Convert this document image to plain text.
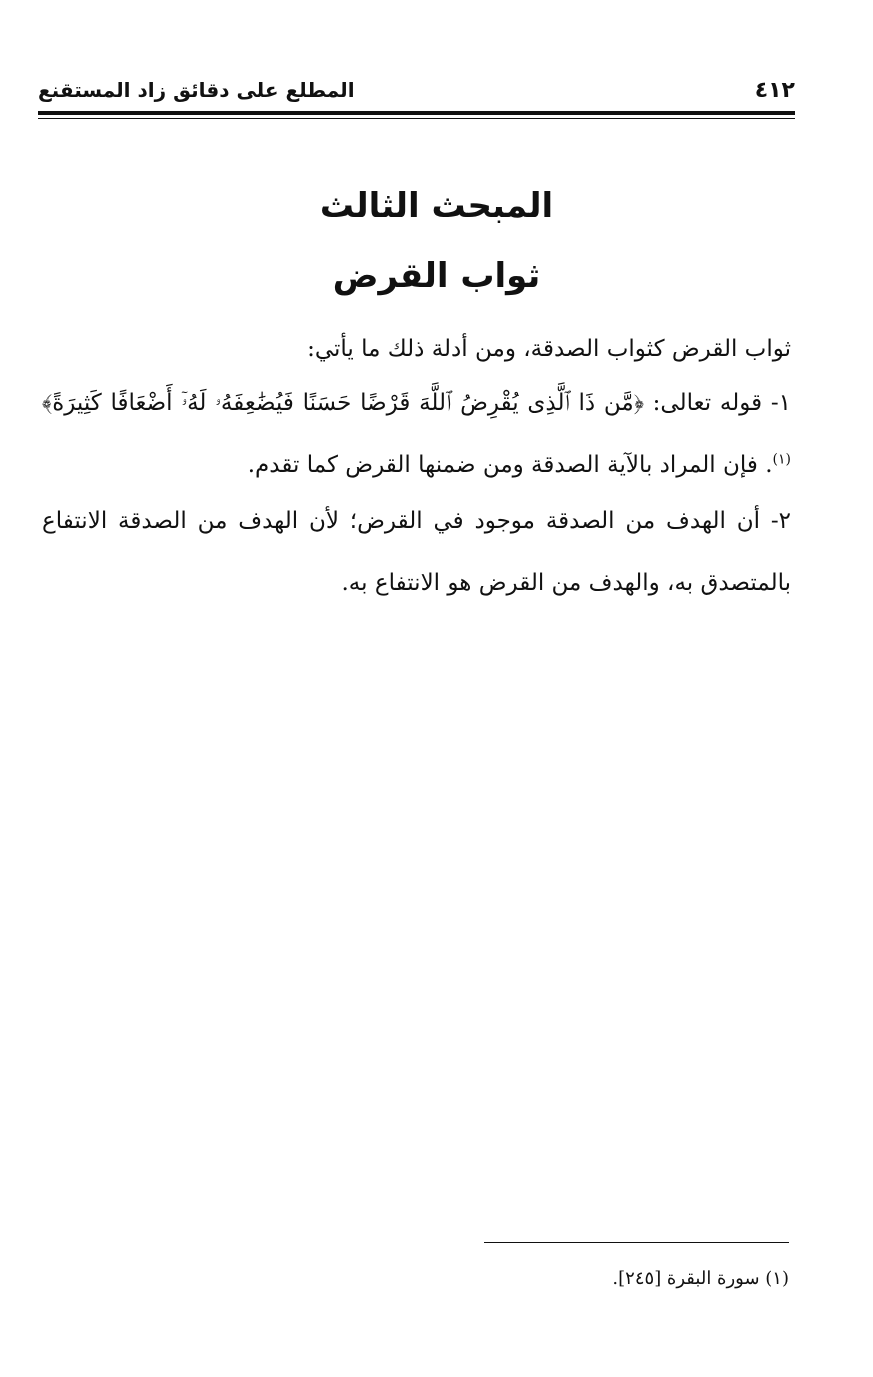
٤١٢
المطلع على دقائق زاد المستقنع
المبحث الثالث
ثواب القرض

ثواب القرض كثواب الصدقة، ومن أدلة ذلك ما يأتي:

١- قوله تعالى: ﴿مَّن ذَا ٱلَّذِى يُقْرِضُ ٱللَّهَ قَرْضًا حَسَنًا فَيُضَٰعِفَهُۥ لَهُۥٓ أَضْعَافًا كَثِيرَةً﴾$^{(١)}$. فإن المراد بالآية الصدقة ومن ضمنها القرض كما تقدم.

٢- أن الهدف من الصدقة موجود في القرض؛ لأن الهدف من الصدقة الانتفاع بالمتصدق به، والهدف من القرض هو الانتفاع به.

(١) سورة البقرة [٢٤٥].
